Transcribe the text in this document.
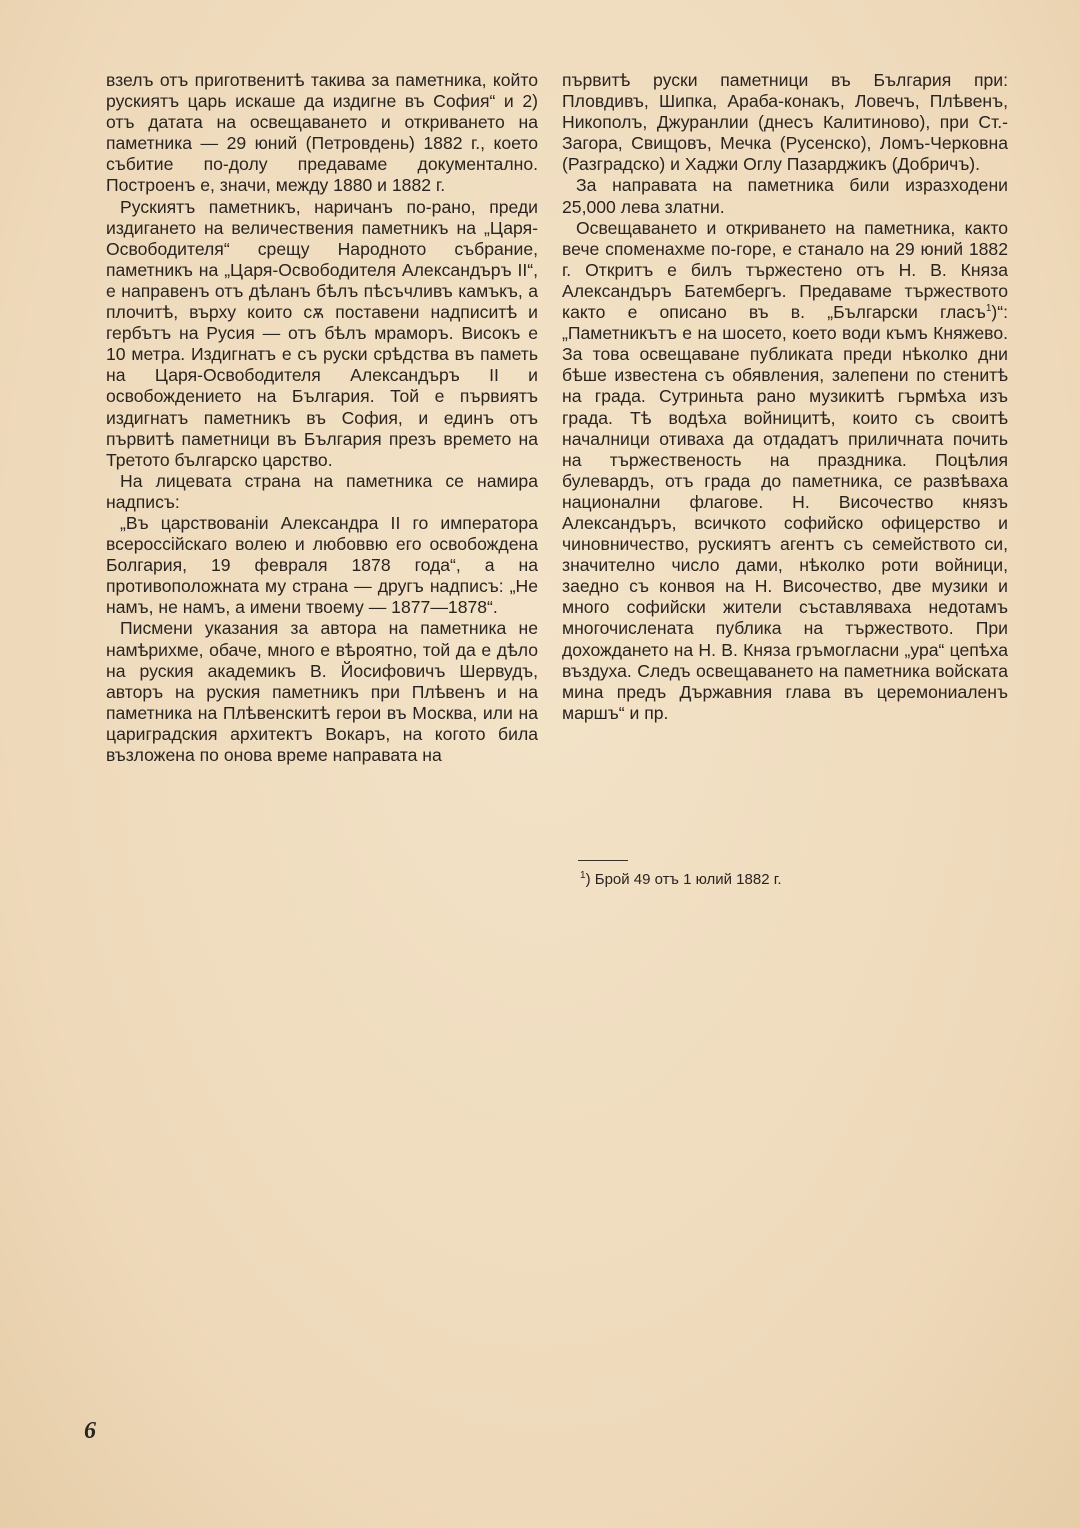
взелъ отъ приготвенитѣ такива за паметника, който рускиятъ царь искаше да издигне въ София“ и 2) отъ датата на освещаването и откриването на паметника — 29 юний (Петровдень) 1882 г., което събитие по-долу предаваме документално. Построенъ е, значи, между 1880 и 1882 г.

Рускиятъ паметникъ, наричанъ по-рано, преди издигането на величествения паметникъ на „Царя-Освободителя“ срещу Народното събрание, паметникъ на „Царя-Освободителя Александъръ II“, е направенъ отъ дѣланъ бѣлъ пѣсъчливъ камъкъ, а плочитѣ, върху които сѫ поставени надписитѣ и гербътъ на Русия — отъ бѣлъ мраморъ. Високъ е 10 метра. Издигнатъ е съ руски срѣдства въ паметь на Царя-Освободителя Александъръ II и освобождението на България. Той е първиятъ издигнатъ паметникъ въ София, и единъ отъ първитѣ паметници въ България презъ времето на Третото българско царство.

На лицевата страна на паметника се намира надписъ:

„Въ царствованіи Александра II го императора всероссійскаго волею и любоввю его освобождена Болгария, 19 февраля 1878 года“, а на противоположната му страна — другъ надписъ: „Не намъ, не намъ, а имени твоему — 1877—1878“.

Писмени указания за автора на паметника не намѣрихме, обаче, много е вѣроятно, той да е дѣло на руския академикъ В. Йосифовичъ Шервудъ, авторъ на руския паметникъ при Плѣвенъ и на паметника на Плѣвенскитѣ герои въ Москва, или на цариградския архитектъ Вокаръ, на когото била възложена по онова време направата на

първитѣ руски паметници въ България при: Пловдивъ, Шипка, Араба-конакъ, Ловечъ, Плѣвенъ, Никополъ, Джуранлии (днесъ Калитиново), при Ст.-Загора, Свищовъ, Мечка (Русенско), Ломъ-Черковна (Разградско) и Хаджи Оглу Пазарджикъ (Добричъ).

За направата на паметника били изразходени 25,000 лева златни.

Освещаването и откриването на паметника, както вече споменахме по-горе, е станало на 29 юний 1882 г. Откритъ е билъ тържестено отъ Н. В. Княза Александъръ Батембергъ. Предаваме тържеството както е описано въ в. „Български гласъ$^1$)“: „Паметникътъ е на шосето, което води къмъ Княжево. За това освещаване публиката преди нѣколко дни бѣше известена съ обявления, залепени по стенитѣ на града. Сутриньта рано музикитѣ гърмѣха изъ града. Тѣ водѣха войницитѣ, които съ своитѣ началници отиваха да отдадатъ приличната почить на тържественость на праздника. Поцѣлия булевардъ, отъ града до паметника, се развѣваха национални флагове. Н. Височество князъ Александъръ, всичкото софийско офицерство и чиновничество, рускиятъ агентъ съ семейството си, значително число дами, нѣколко роти войници, заедно съ конвоя на Н. Височество, две музики и много софийски жители съставляваха недотамъ многочислената публика на тържеството. При дохождането на Н. В. Княза гръмогласни „ура“ цепѣха въздуха. Следъ освещаването на паметника войската мина предъ Държавния глава въ церемониаленъ маршъ“ и пр.

$^1$) Брой 49 отъ 1 юлий 1882 г.
6
